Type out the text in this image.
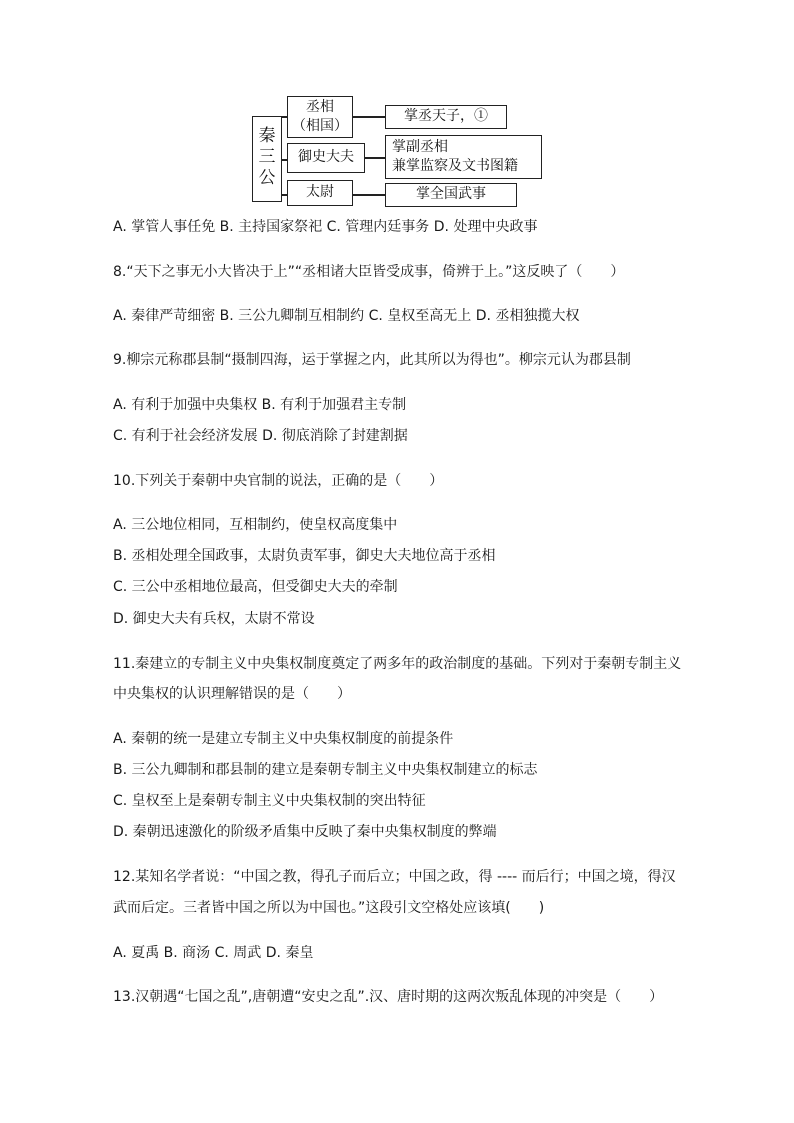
秦
三
公
丞相
（相国）
御史大夫
太尉
掌丞天子，①
掌副丞相
兼掌监察及文书图籍
掌全国武事
A. 掌管人事任免 B. 主持国家祭祀 C. 管理内廷事务 D. 处理中央政事
8.“天下之事无小大皆决于上”“丞相诸大臣皆受成事，倚辨于上。”这反映了（　　）
A. 秦律严苛细密 B. 三公九卿制互相制约 C. 皇权至高无上 D. 丞相独揽大权
9.柳宗元称郡县制“摄制四海，运于掌握之内，此其所以为得也”。柳宗元认为郡县制
A. 有利于加强中央集权 B. 有利于加强君主专制
C. 有利于社会经济发展 D. 彻底消除了封建割据
10.下列关于秦朝中央官制的说法，正确的是（　　）
A. 三公地位相同，互相制约，使皇权高度集中
B. 丞相处理全国政事，太尉负责军事，御史大夫地位高于丞相
C. 三公中丞相地位最高，但受御史大夫的牵制
D. 御史大夫有兵权，太尉不常设
11.秦建立的专制主义中央集权制度奠定了两多年的政治制度的基础。下列对于秦朝专制主义
中央集权的认识理解错误的是（　　）
A. 秦朝的统一是建立专制主义中央集权制度的前提条件
B. 三公九卿制和郡县制的建立是秦朝专制主义中央集权制建立的标志
C. 皇权至上是秦朝专制主义中央集权制的突出特征
D. 秦朝迅速激化的阶级矛盾集中反映了秦中央集权制度的弊端
12.某知名学者说：“中国之教，得孔子而后立；中国之政，得 ---- 而后行；中国之境，得汉
武而后定。三者皆中国之所以为中国也。”这段引文空格处应该填(　　)
A. 夏禹 B. 商汤 C. 周武 D. 秦皇
13.汉朝遇“七国之乱”,唐朝遭“安史之乱”.汉、唐时期的这两次叛乱体现的冲突是（　　）
